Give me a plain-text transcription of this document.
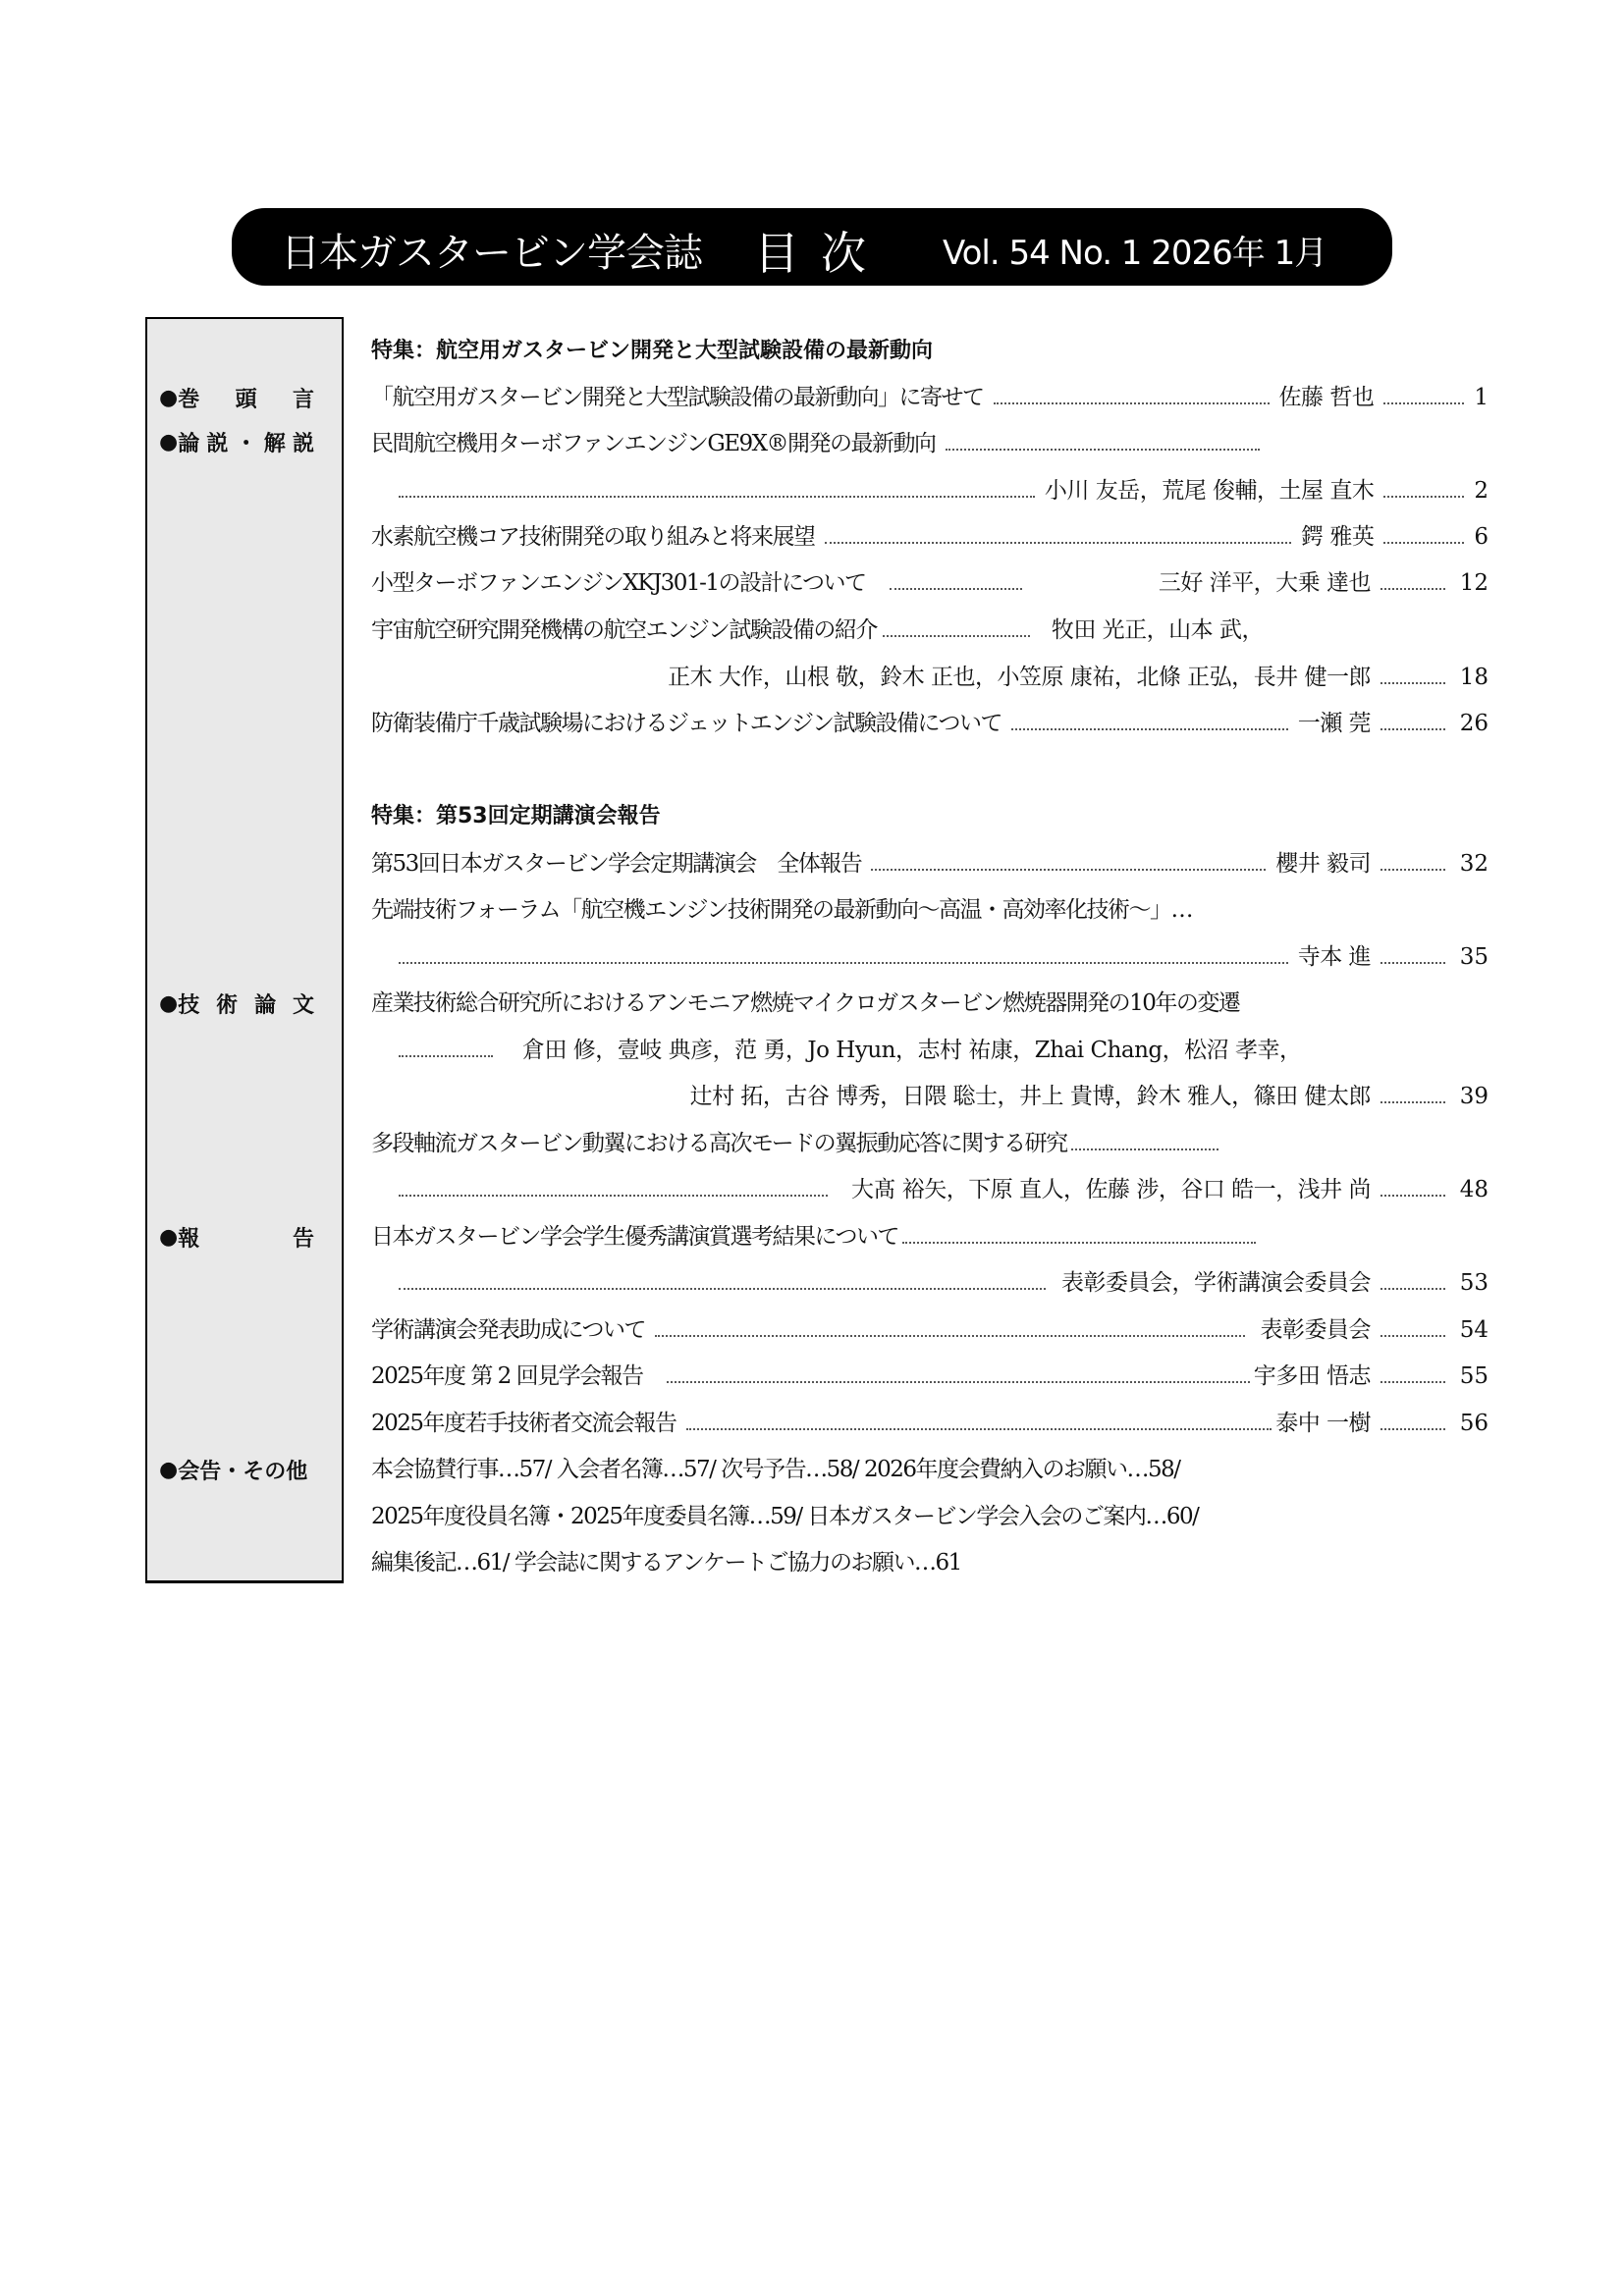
日本ガスタービン学会誌 目次 Vol. 54 No. 1 2026年 1月
● 巻 頭 言
● 論説・解説
● 技 術 論 文
● 報　　告
● 会告・その他
特集：航空用ガスタービン開発と大型試験設備の最新動向
「航空用ガスタービン開発と大型試験設備の最新動向」に寄せて	佐藤 哲也	1
民間航空機用ターボファンエンジンGE9X®開発の最新動向
小川 友岳，荒尾 俊輔，土屋 直木	2
水素航空機コア技術開発の取り組みと将来展望	鍔 雅英	6
小型ターボファンエンジンXKJ301-1の設計について	三好 洋平，大乗 達也	12
宇宙航空研究開発機構の航空エンジン試験設備の紹介	牧田 光正，山本 武，
正木 大作，山根 敬，鈴木 正也，小笠原 康祐，北條 正弘，長井 健一郎	18
防衛装備庁千歳試験場におけるジェットエンジン試験設備について	一瀬 莞	26
特集：第53回定期講演会報告
第53回日本ガスタービン学会定期講演会　全体報告	櫻井 毅司	32
先端技術フォーラム「航空機エンジン技術開発の最新動向～高温・高効率化技術～」…
寺本 進	35
産業技術総合研究所におけるアンモニア燃焼マイクロガスタービン燃焼器開発の10年の変遷
倉田 修，壹岐 典彦，范 勇，Jo Hyun，志村 祐康，Zhai Chang，松沼 孝幸，
辻村 拓，古谷 博秀，日隈 聡士，井上 貴博，鈴木 雅人，篠田 健太郎	39
多段軸流ガスタービン動翼における高次モードの翼振動応答に関する研究
大髙 裕矢，下原 直人，佐藤 涉，谷口 皓一，浅井 尚	48
日本ガスタービン学会学生優秀講演賞選考結果について
表彰委員会，学術講演会委員会	53
学術講演会発表助成について	表彰委員会	54
2025年度 第 2 回見学会報告	宇多田 悟志	55
2025年度若手技術者交流会報告	泰中 一樹	56
本会協賛行事…57/ 入会者名簿…57/ 次号予告…58/ 2026年度会費納入のお願い…58/
2025年度役員名簿・2025年度委員名簿…59/ 日本ガスタービン学会入会のご案内…60/
編集後記…61/ 学会誌に関するアンケートご協力のお願い…61
